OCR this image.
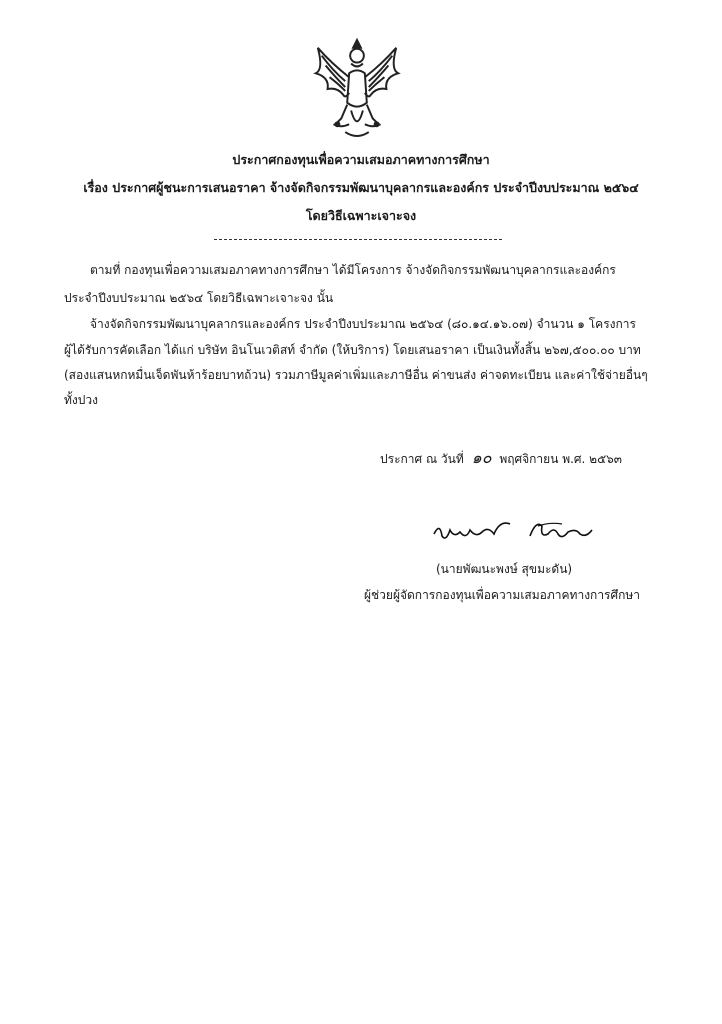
ประกาศกองทุนเพื่อความเสมอภาคทางการศึกษา
เรื่อง ประกาศผู้ชนะการเสนอราคา จ้างจัดกิจกรรมพัฒนาบุคลากรและองค์กร ประจำปีงบประมาณ ๒๕๖๔
โดยวิธีเฉพาะเจาะจง
ตามที่ กองทุนเพื่อความเสมอภาคทางการศึกษา ได้มีโครงการ จ้างจัดกิจกรรมพัฒนาบุคลากรและองค์กร
ประจำปีงบประมาณ ๒๕๖๔ โดยวิธีเฉพาะเจาะจง นั้น
จ้างจัดกิจกรรมพัฒนาบุคลากรและองค์กร ประจำปีงบประมาณ ๒๕๖๔ (๘๐.๑๔.๑๖.๐๗) จำนวน ๑ โครงการ
ผู้ได้รับการคัดเลือก ได้แก่ บริษัท อินโนเวติสท์ จำกัด (ให้บริการ) โดยเสนอราคา เป็นเงินทั้งสิ้น ๒๖๗,๕๐๐.๐๐ บาท
(สองแสนหกหมื่นเจ็ดพันห้าร้อยบาทถ้วน) รวมภาษีมูลค่าเพิ่มและภาษีอื่น ค่าขนส่ง ค่าจดทะเบียน และค่าใช้จ่ายอื่นๆ
ทั้งปวง
ประกาศ ณ วันที่ ๑๐ พฤศจิกายน พ.ศ. ๒๕๖๓
(นายพัฒนะพงษ์ สุขมะดัน)
ผู้ช่วยผู้จัดการกองทุนเพื่อความเสมอภาคทางการศึกษา
